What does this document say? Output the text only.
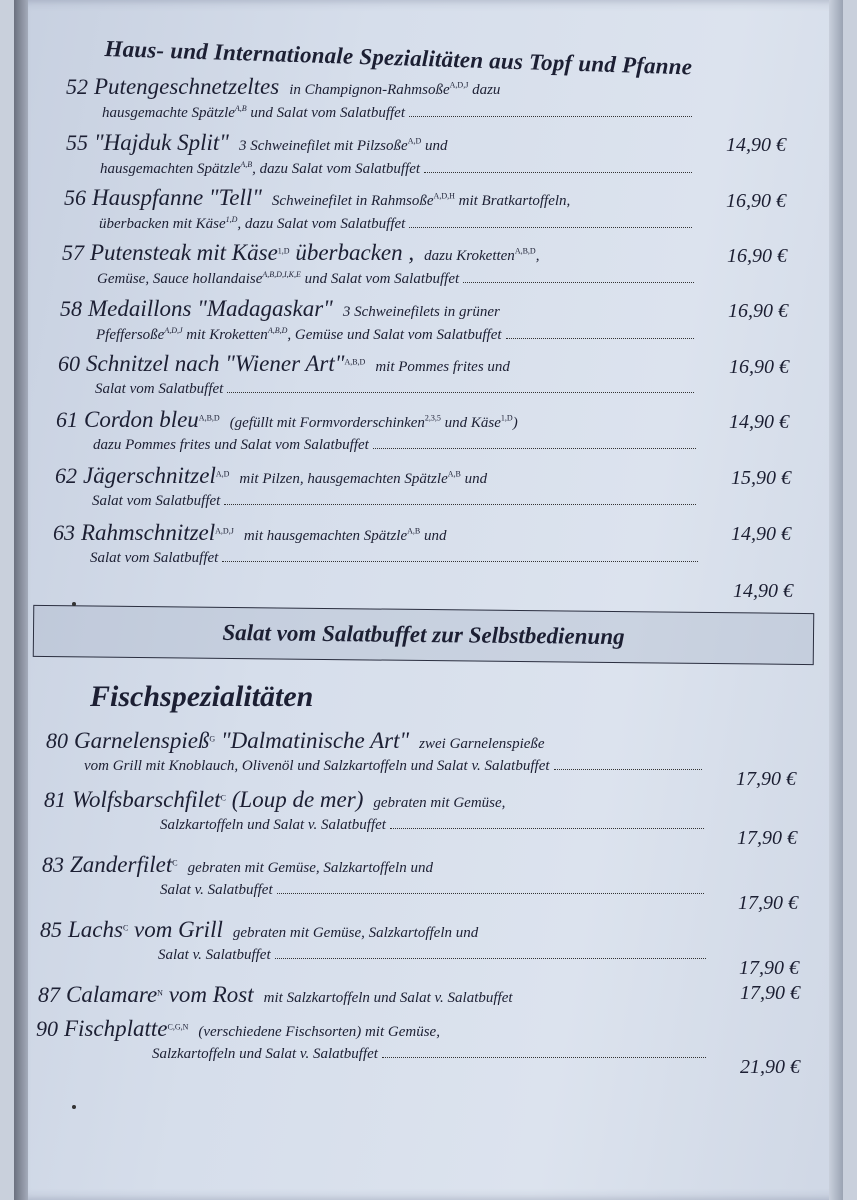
Haus- und Internationale Spezialitäten aus Topf und Pfanne
52 Putengeschnetzeltes in Champignon-Rahmsoße$^{A,D,J}$ dazu
hausgemachte Spätzle$^{A,B}$ und Salat vom Salatbuffet
14,90 €
55 "Hajduk Split" 3 Schweinefilet mit Pilzsoße$^{A,D}$ und
hausgemachten Spätzle$^{A,B}$, dazu Salat vom Salatbuffet
16,90 €
56 Hauspfanne "Tell" Schweinefilet in Rahmsoße$^{A,D,H}$ mit Bratkartoffeln,
überbacken mit Käse$^{1,D}$, dazu Salat vom Salatbuffet
16,90 €
57 Putensteak mit Käse$^{1,D}$ überbacken , dazu Kroketten$^{A,B,D}$,
Gemüse, Sauce hollandaise$^{A,B,D,I,K,E}$ und Salat vom Salatbuffet
16,90 €
58 Medaillons "Madagaskar" 3 Schweinefilets in grüner
Pfeffersoße$^{A,D,J}$ mit Kroketten$^{A,B,D}$, Gemüse und Salat vom Salatbuffet
16,90 €
60 Schnitzel nach "Wiener Art"$^{A,B,D}$ mit Pommes frites und
Salat vom Salatbuffet
14,90 €
61 Cordon bleu$^{A,B,D}$ (gefüllt mit Formvorderschinken$^{2,3,5}$ und Käse$^{1,D}$)
dazu Pommes frites und Salat vom Salatbuffet
15,90 €
62 Jägerschnitzel$^{A,D}$ mit Pilzen, hausgemachten Spätzle$^{A,B}$ und
Salat vom Salatbuffet
14,90 €
63 Rahmschnitzel$^{A,D,J}$ mit hausgemachten Spätzle$^{A,B}$ und
Salat vom Salatbuffet
14,90 €
Salat vom Salatbuffet zur Selbstbedienung
Fischspezialitäten
80 Garnelenspieß$^G$ "Dalmatinische Art" zwei Garnelenspieße
vom Grill mit Knoblauch, Olivenöl und Salzkartoffeln und Salat v. Salatbuffet
17,90 €
81 Wolfsbarschfilet$^C$ (Loup de mer) gebraten mit Gemüse,
Salzkartoffeln und Salat v. Salatbuffet
17,90 €
83 Zanderfilet$^C$ gebraten mit Gemüse, Salzkartoffeln und
Salat v. Salatbuffet
17,90 €
85 Lachs$^C$ vom Grill gebraten mit Gemüse, Salzkartoffeln und
Salat v. Salatbuffet
17,90 €
87 Calamare$^N$ vom Rost mit Salzkartoffeln und Salat v. Salatbuffet	17,90 €
90 Fischplatte$^{C,G,N}$ (verschiedene Fischsorten) mit Gemüse,
Salzkartoffeln und Salat v. Salatbuffet
21,90 €
